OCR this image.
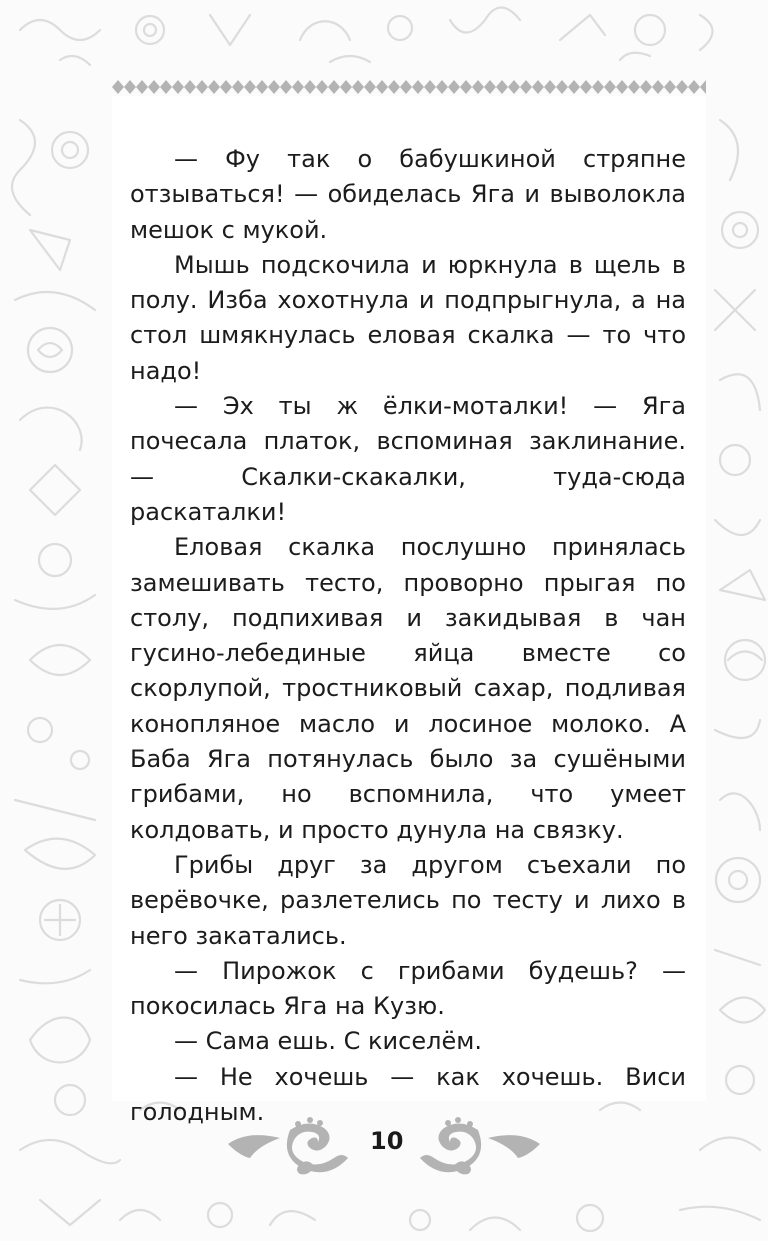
— Фу так о бабушкиной стряпне отзываться! — обиделась Яга и выволокла мешок с мукой.

Мышь подскочила и юркнула в щель в полу. Изба хохотнула и подпрыгнула, а на стол шмякнулась еловая скалка — то что надо!

— Эх ты ж ёлки-моталки! — Яга почесала платок, вспоминая заклинание. — Скалки-скакалки, туда-сюда раскаталки!

Еловая скалка послушно принялась замешивать тесто, проворно прыгая по столу, подпихивая и закидывая в чан гусино-лебединые яйца вместе со скорлупой, тростниковый сахар, подливая конопляное масло и лосиное молоко. А Баба Яга потянулась было за сушёными грибами, но вспомнила, что умеет колдовать, и просто дунула на связку.

Грибы друг за другом съехали по верёвочке, разлетелись по тесту и лихо в него закатались.

— Пирожок с грибами будешь? — покосилась Яга на Кузю.

— Сама ешь. С киселём.

— Не хочешь — как хочешь. Виси голодным.

10
